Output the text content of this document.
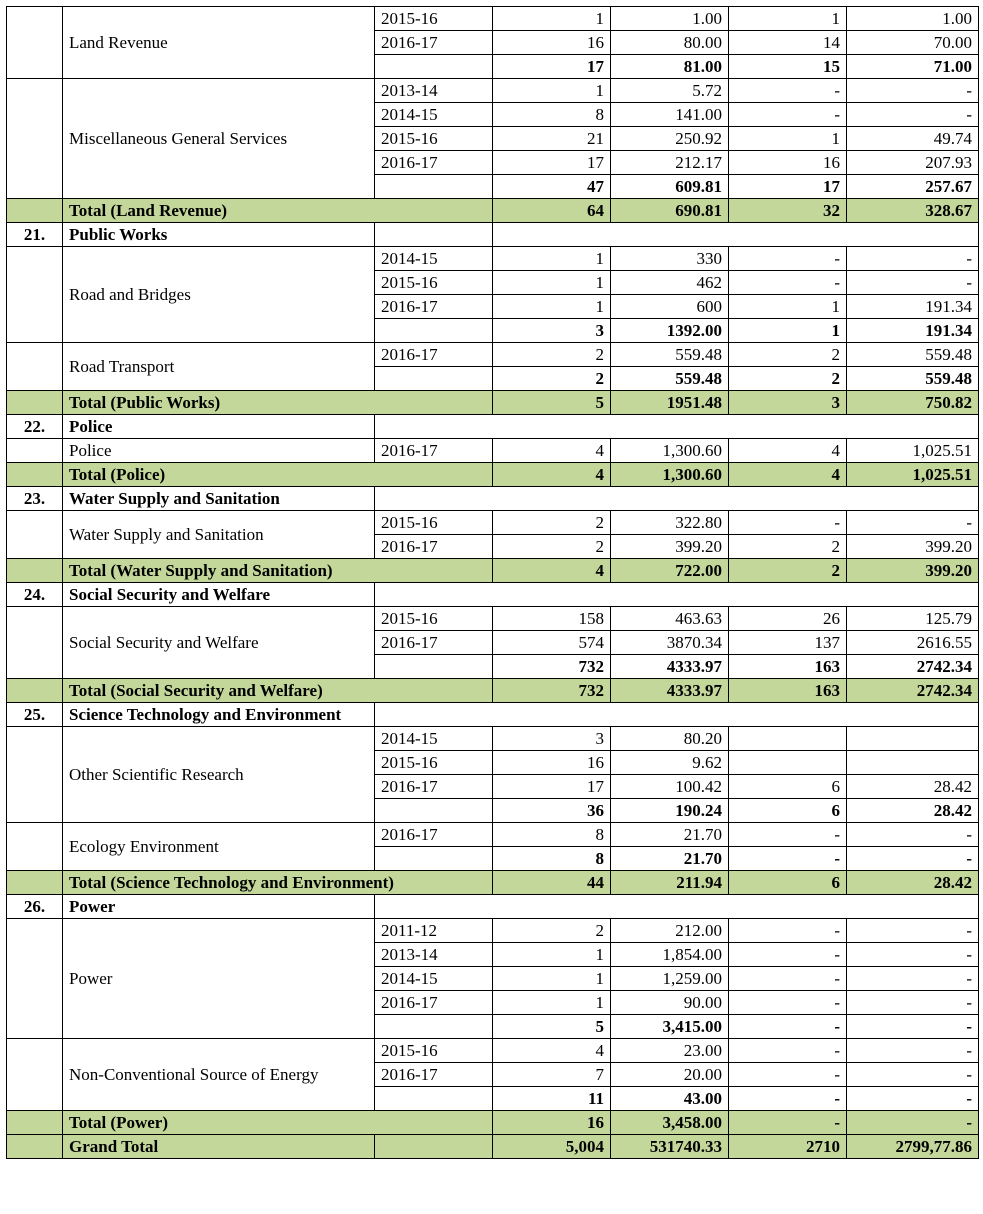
	Land Revenue	2015-16	1	1.00	1	1.00
		2016-17	16	80.00	14	70.00
			17	81.00	15	71.00
	Miscellaneous General Services	2013-14	1	5.72	-	-
		2014-15	8	141.00	-	-
		2015-16	21	250.92	1	49.74
		2016-17	17	212.17	16	207.93
			47	609.81	17	257.67
	Total (Land Revenue)		64	690.81	32	328.67
21.	Public Works					
	Road and Bridges	2014-15	1	330	-	-
		2015-16	1	462	-	-
		2016-17	1	600	1	191.34
			3	1392.00	1	191.34
	Road Transport	2016-17	2	559.48	2	559.48
			2	559.48	2	559.48
	Total (Public Works)		5	1951.48	3	750.82
22.	Police					
	Police	2016-17	4	1,300.60	4	1,025.51
	Total (Police)		4	1,300.60	4	1,025.51
23.	Water Supply and Sanitation					
	Water Supply and Sanitation	2015-16	2	322.80	-	-
		2016-17	2	399.20	2	399.20
	Total (Water Supply and Sanitation)		4	722.00	2	399.20
24.	Social Security and Welfare					
	Social Security and Welfare	2015-16	158	463.63	26	125.79
		2016-17	574	3870.34	137	2616.55
			732	4333.97	163	2742.34
	Total (Social Security and Welfare)		732	4333.97	163	2742.34
25.	Science Technology and Environment					
	Other Scientific Research	2014-15	3	80.20		
		2015-16	16	9.62		
		2016-17	17	100.42	6	28.42
			36	190.24	6	28.42
	Ecology Environment	2016-17	8	21.70	-	-
			8	21.70	-	-
	Total (Science Technology and Environment)		44	211.94	6	28.42
26.	Power					
	Power	2011-12	2	212.00	-	-
		2013-14	1	1,854.00	-	-
		2014-15	1	1,259.00	-	-
		2016-17	1	90.00	-	-
			5	3,415.00	-	-
	Non-Conventional Source of Energy	2015-16	4	23.00	-	-
		2016-17	7	20.00	-	-
			11	43.00	-	-
	Total (Power)		16	3,458.00	-	-
	Grand Total		5,004	531740.33	2710	2799,77.86
